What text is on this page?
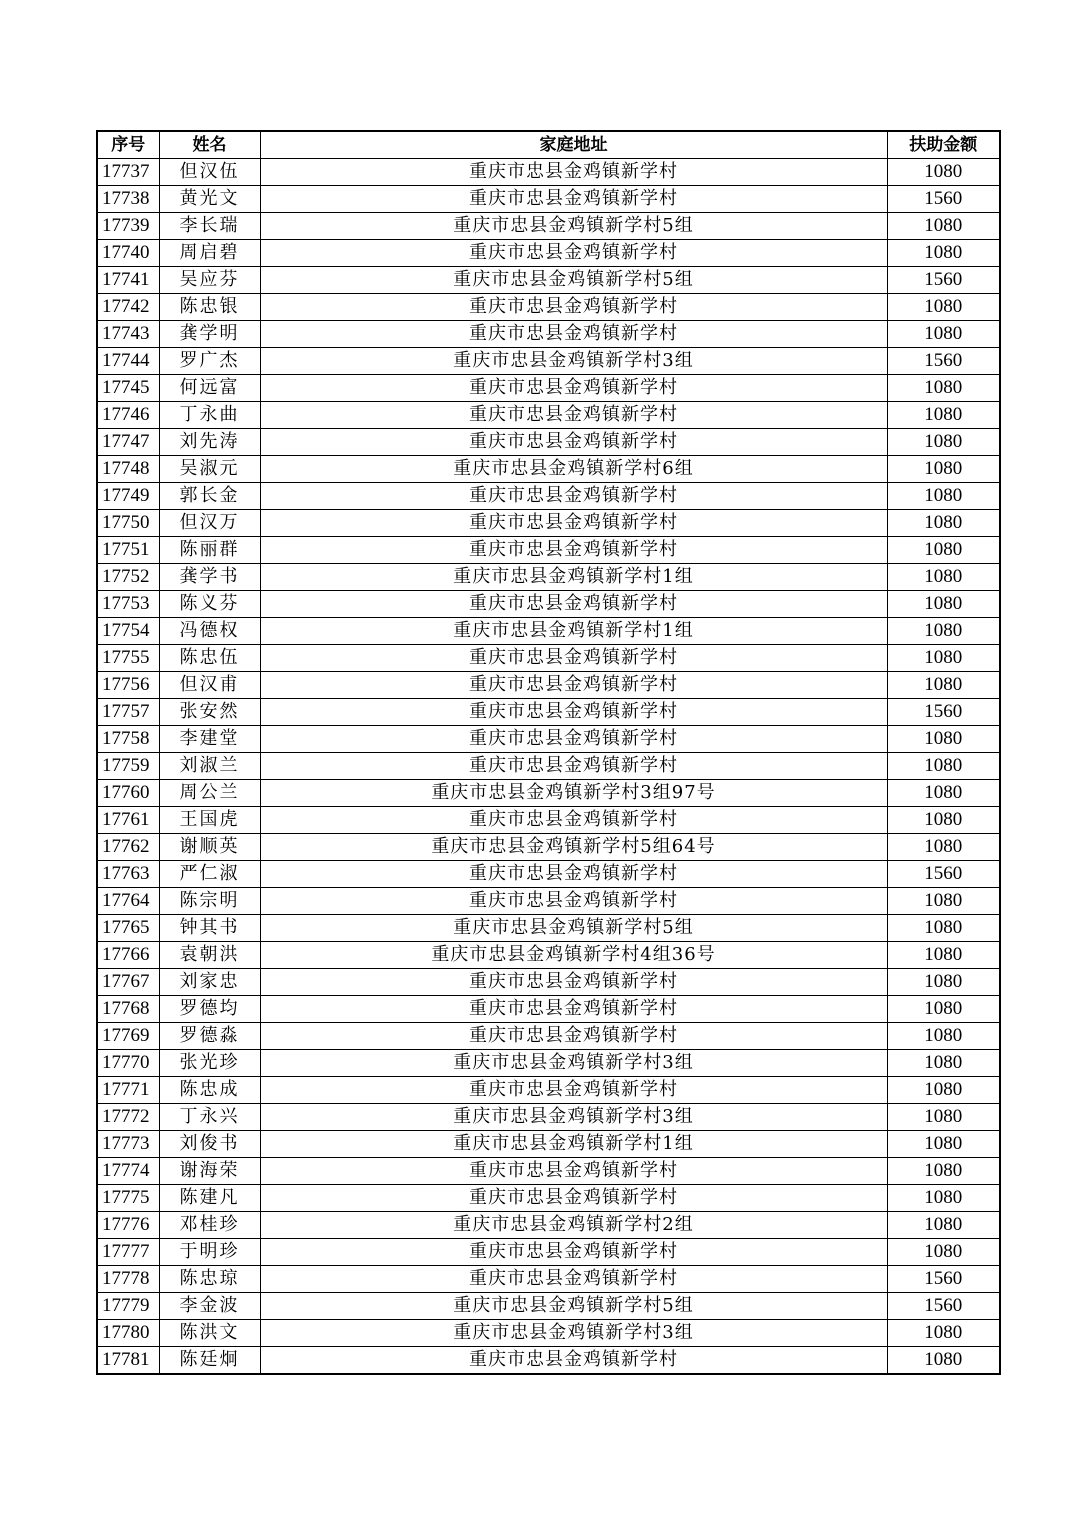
序号	姓名	家庭地址	扶助金额
17737	但汉伍	重庆市忠县金鸡镇新学村	1080
17738	黄光文	重庆市忠县金鸡镇新学村	1560
17739	李长瑞	重庆市忠县金鸡镇新学村5组	1080
17740	周启碧	重庆市忠县金鸡镇新学村	1080
17741	吴应芬	重庆市忠县金鸡镇新学村5组	1560
17742	陈忠银	重庆市忠县金鸡镇新学村	1080
17743	龚学明	重庆市忠县金鸡镇新学村	1080
17744	罗广杰	重庆市忠县金鸡镇新学村3组	1560
17745	何远富	重庆市忠县金鸡镇新学村	1080
17746	丁永曲	重庆市忠县金鸡镇新学村	1080
17747	刘先涛	重庆市忠县金鸡镇新学村	1080
17748	吴淑元	重庆市忠县金鸡镇新学村6组	1080
17749	郭长金	重庆市忠县金鸡镇新学村	1080
17750	但汉万	重庆市忠县金鸡镇新学村	1080
17751	陈丽群	重庆市忠县金鸡镇新学村	1080
17752	龚学书	重庆市忠县金鸡镇新学村1组	1080
17753	陈义芬	重庆市忠县金鸡镇新学村	1080
17754	冯德权	重庆市忠县金鸡镇新学村1组	1080
17755	陈忠伍	重庆市忠县金鸡镇新学村	1080
17756	但汉甫	重庆市忠县金鸡镇新学村	1080
17757	张安然	重庆市忠县金鸡镇新学村	1560
17758	李建堂	重庆市忠县金鸡镇新学村	1080
17759	刘淑兰	重庆市忠县金鸡镇新学村	1080
17760	周公兰	重庆市忠县金鸡镇新学村3组97号	1080
17761	王国虎	重庆市忠县金鸡镇新学村	1080
17762	谢顺英	重庆市忠县金鸡镇新学村5组64号	1080
17763	严仁淑	重庆市忠县金鸡镇新学村	1560
17764	陈宗明	重庆市忠县金鸡镇新学村	1080
17765	钟其书	重庆市忠县金鸡镇新学村5组	1080
17766	袁朝洪	重庆市忠县金鸡镇新学村4组36号	1080
17767	刘家忠	重庆市忠县金鸡镇新学村	1080
17768	罗德均	重庆市忠县金鸡镇新学村	1080
17769	罗德淼	重庆市忠县金鸡镇新学村	1080
17770	张光珍	重庆市忠县金鸡镇新学村3组	1080
17771	陈忠成	重庆市忠县金鸡镇新学村	1080
17772	丁永兴	重庆市忠县金鸡镇新学村3组	1080
17773	刘俊书	重庆市忠县金鸡镇新学村1组	1080
17774	谢海荣	重庆市忠县金鸡镇新学村	1080
17775	陈建凡	重庆市忠县金鸡镇新学村	1080
17776	邓桂珍	重庆市忠县金鸡镇新学村2组	1080
17777	于明珍	重庆市忠县金鸡镇新学村	1080
17778	陈忠琼	重庆市忠县金鸡镇新学村	1560
17779	李金波	重庆市忠县金鸡镇新学村5组	1560
17780	陈洪文	重庆市忠县金鸡镇新学村3组	1080
17781	陈廷炯	重庆市忠县金鸡镇新学村	1080
